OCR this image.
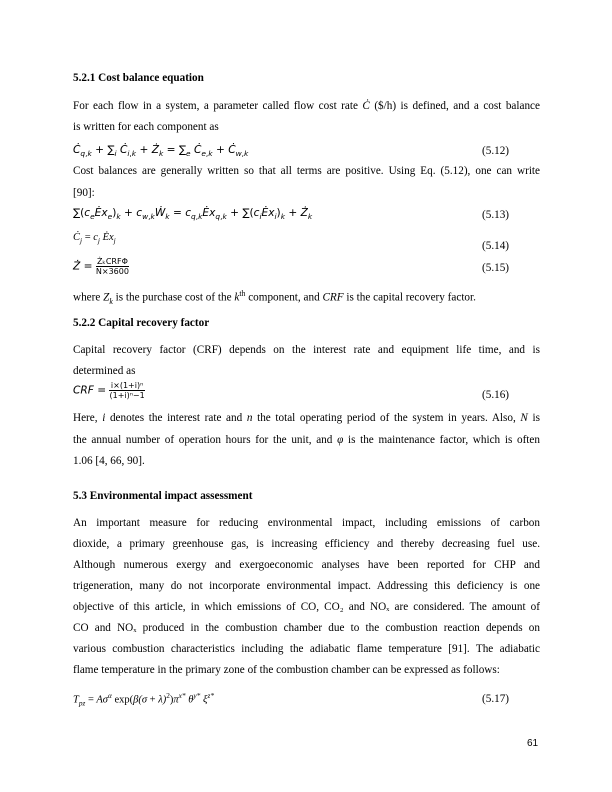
5.2.1 Cost balance equation
For each flow in a system, a parameter called flow cost rate Ċ ($/h) is defined, and a cost balance
is written for each component as
$Ċ_{q,k} + \sum_i$ $Ċ_{i,k}$ + $Ż_k = \sum_e$ $Ċ_{e,k}$ + $Ċ_{w,k}$	(5.12)
Cost balances are generally written so that all terms are positive. Using Eq. (5.12), one can write
[90]:
$\sum(c_eĖx_e)_k$ + $c_{w,k}Ẇ_k$ = $c_{q,k}Ėx_{q,k}$ + $\sum(c_iĖx_i)_k$ + $Ż_k$	(5.13)
$Ċ_j = c_j$ $Ėx_j$	(5.14)
Ż = $\frac{\text{ŻₖCRFΦ}}{N\times 3600}$	(5.15)
where $Z_k$ is the purchase cost of the $k^{th}$ component, and CRF is the capital recovery factor.
5.2.2 Capital recovery factor
Capital recovery factor (CRF) depends on the interest rate and equipment life time, and is
determined as
CRF = $\frac{\text{i×(1+i)ⁿ}}{\text{(1+i)ⁿ−1}}$	(5.16)
Here, i denotes the interest rate and n the total operating period of the system in years. Also, N is
the annual number of operation hours for the unit, and φ is the maintenance factor, which is often
1.06 [4, 66, 90].
5.3 Environmental impact assessment
An important measure for reducing environmental impact, including emissions of carbon
dioxide, a primary greenhouse gas, is increasing efficiency and thereby decreasing fuel use.
Although numerous exergy and exergoeconomic analyses have been reported for CHP and
trigeneration, many do not incorporate environmental impact. Addressing this deficiency is one
objective of this article, in which emissions of CO, CO₂ and NOₓ are considered. The amount of
CO and NOₓ produced in the combustion chamber due to the combustion reaction depends on
various combustion characteristics including the adiabatic flame temperature [91]. The adiabatic
flame temperature in the primary zone of the combustion chamber can be expressed as follows:
$T_{pz} = A\sigma^\alpha$ $\exp(\beta(\sigma + \lambda)^2)\pi^{x*}$ $\theta^{y*}$ $\xi^{z*}$	(5.17)
61
